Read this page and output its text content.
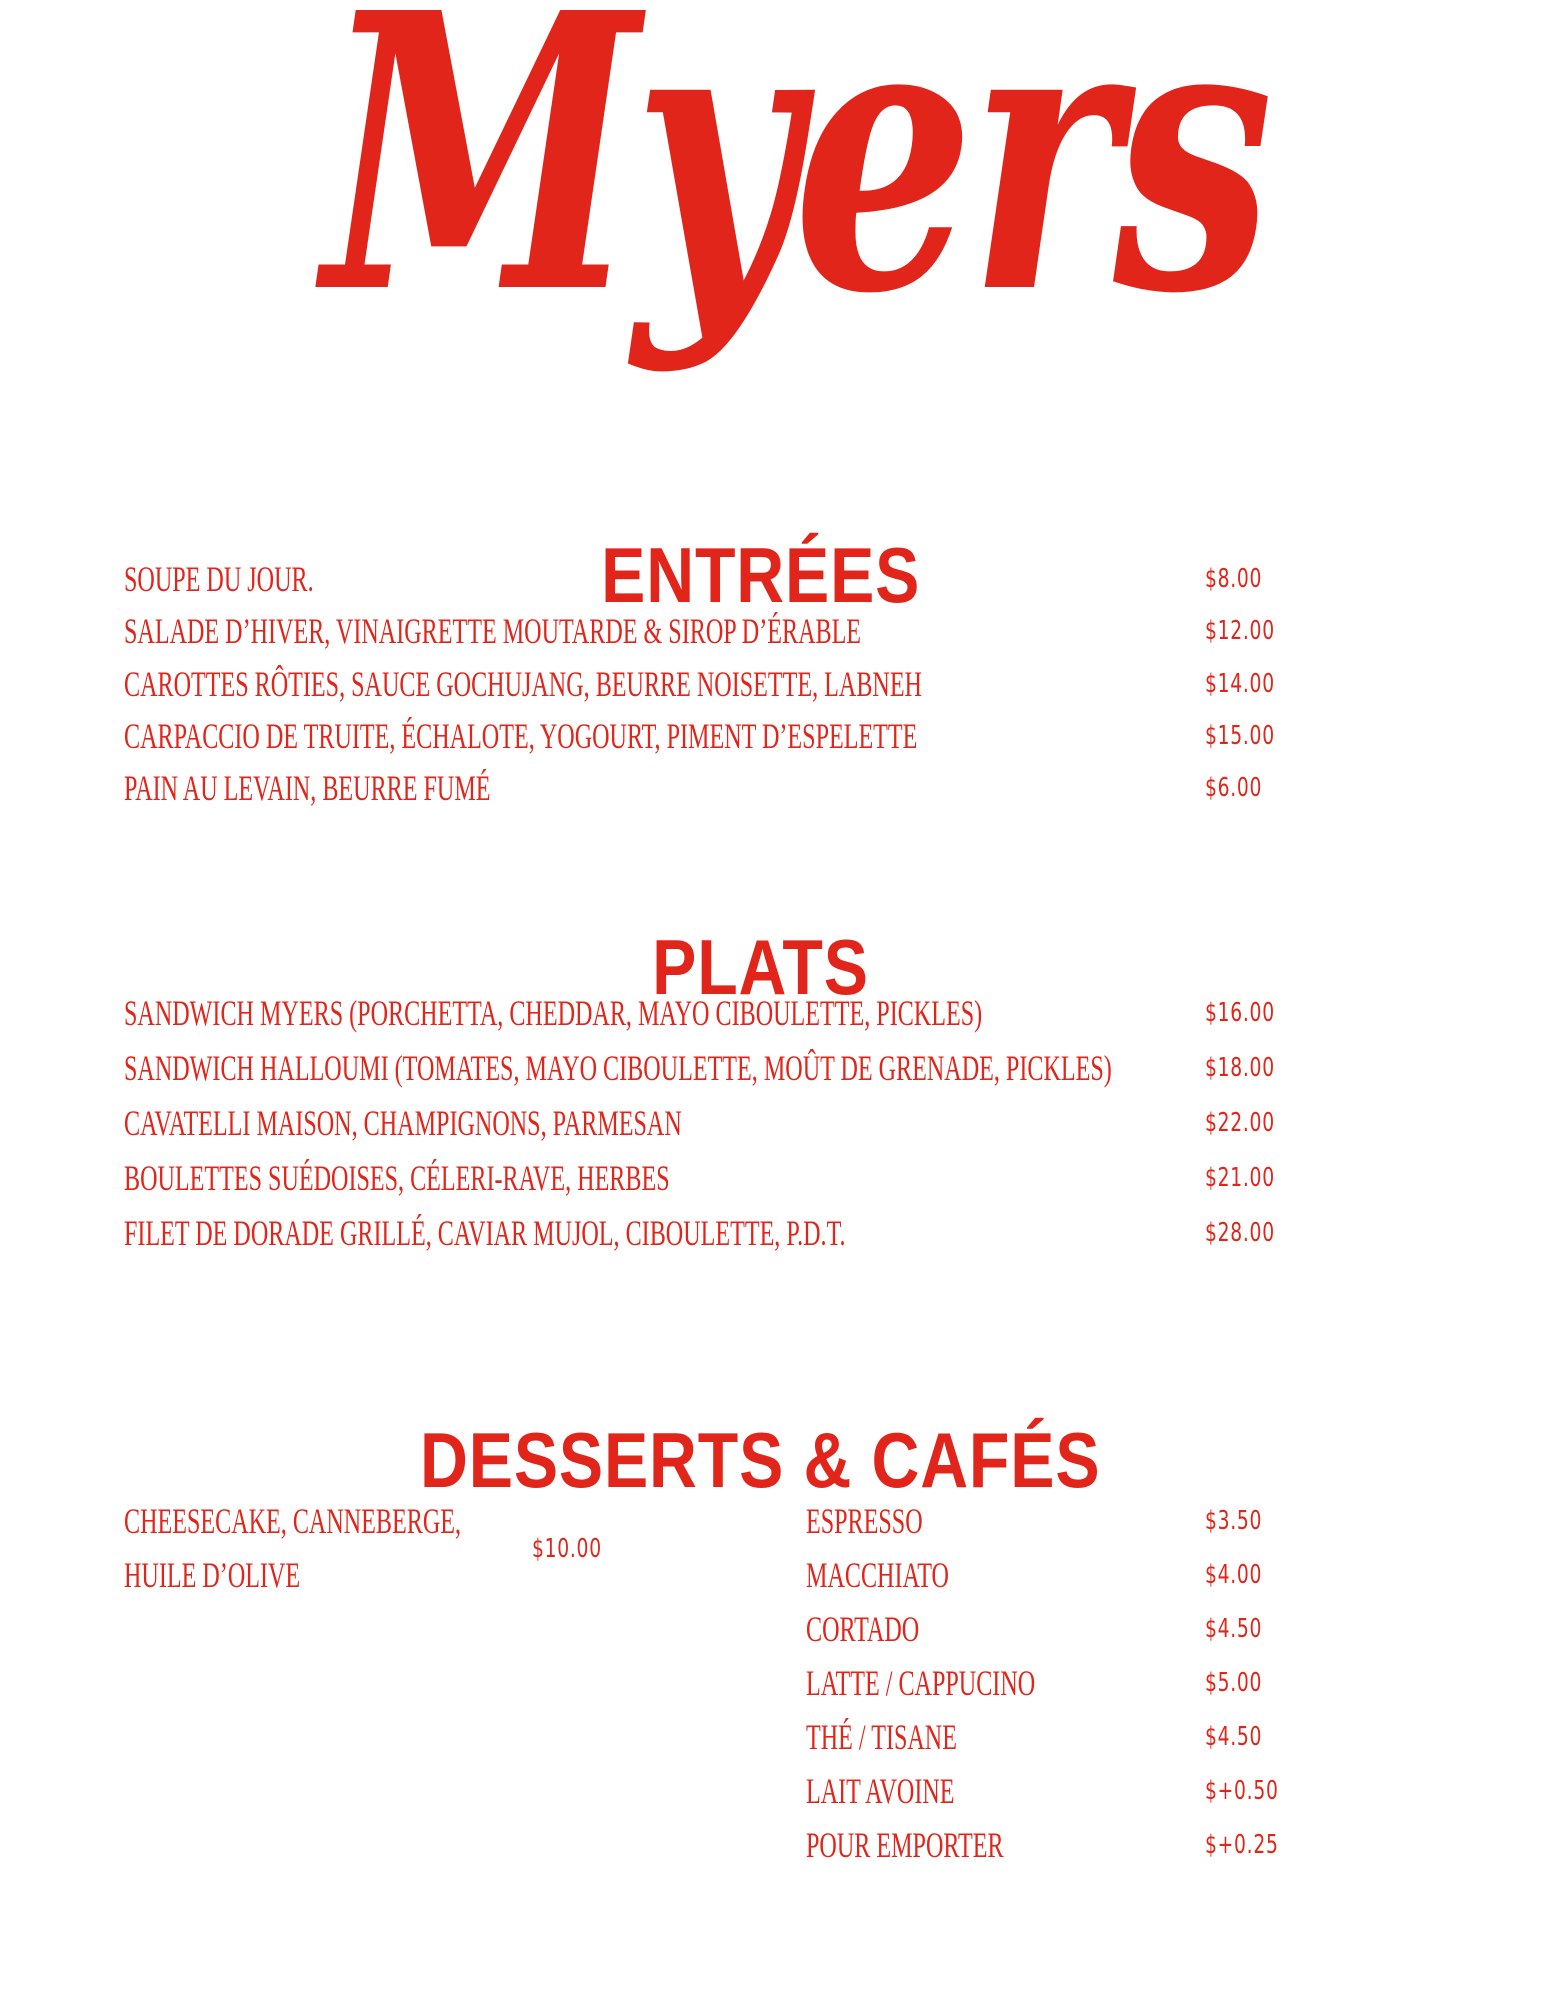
Myers
ENTRÉES
SOUPE DU JOUR.	$8.00
SALADE D’HIVER, VINAIGRETTE MOUTARDE & SIROP D’ÉRABLE	$12.00
CAROTTES RÔTIES, SAUCE GOCHUJANG, BEURRE NOISETTE, LABNEH	$14.00
CARPACCIO DE TRUITE, ÉCHALOTE, YOGOURT, PIMENT D’ESPELETTE	$15.00
PAIN AU LEVAIN, BEURRE FUMÉ	$6.00
PLATS
SANDWICH MYERS (PORCHETTA, CHEDDAR, MAYO CIBOULETTE, PICKLES)	$16.00
SANDWICH HALLOUMI (TOMATES, MAYO CIBOULETTE, MOÛT DE GRENADE, PICKLES)	$18.00
CAVATELLI MAISON, CHAMPIGNONS, PARMESAN	$22.00
BOULETTES SUÉDOISES, CÉLERI-RAVE, HERBES	$21.00
FILET DE DORADE GRILLÉ, CAVIAR MUJOL, CIBOULETTE, P.D.T.	$28.00
DESSERTS & CAFÉS
CHEESECAKE, CANNEBERGE,
HUILE D’OLIVE
$10.00
ESPRESSO	$3.50
MACCHIATO	$4.00
CORTADO	$4.50
LATTE / CAPPUCINO	$5.00
THÉ / TISANE	$4.50
LAIT AVOINE	$+0.50
POUR EMPORTER	$+0.25
